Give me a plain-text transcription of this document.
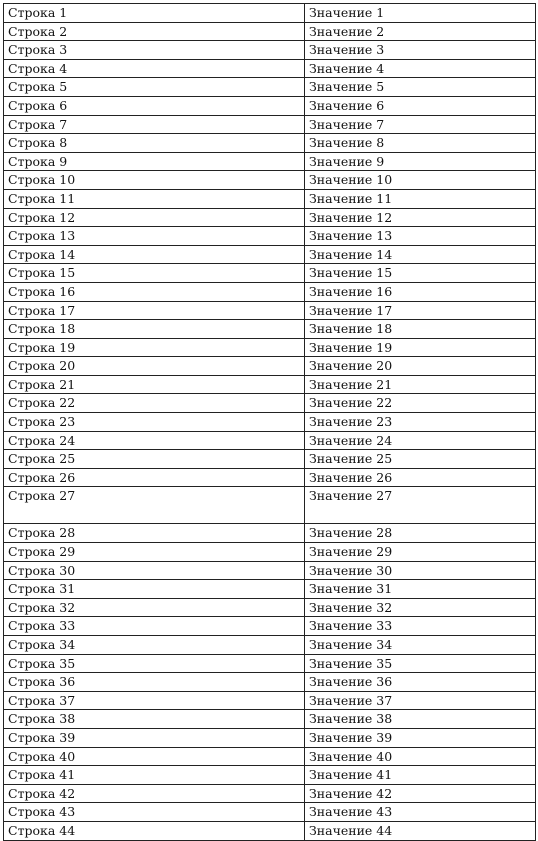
Строка 1	Значение 1
Строка 2	Значение 2
Строка 3	Значение 3
Строка 4	Значение 4
Строка 5	Значение 5
Строка 6	Значение 6
Строка 7	Значение 7
Строка 8	Значение 8
Строка 9	Значение 9
Строка 10	Значение 10
Строка 11	Значение 11
Строка 12	Значение 12
Строка 13	Значение 13
Строка 14	Значение 14
Строка 15	Значение 15
Строка 16	Значение 16
Строка 17	Значение 17
Строка 18	Значение 18
Строка 19	Значение 19
Строка 20	Значение 20
Строка 21	Значение 21
Строка 22	Значение 22
Строка 23	Значение 23
Строка 24	Значение 24
Строка 25	Значение 25
Строка 26	Значение 26
Строка 27	Значение 27
Строка 28	Значение 28
Строка 29	Значение 29
Строка 30	Значение 30
Строка 31	Значение 31
Строка 32	Значение 32
Строка 33	Значение 33
Строка 34	Значение 34
Строка 35	Значение 35
Строка 36	Значение 36
Строка 37	Значение 37
Строка 38	Значение 38
Строка 39	Значение 39
Строка 40	Значение 40
Строка 41	Значение 41
Строка 42	Значение 42
Строка 43	Значение 43
Строка 44	Значение 44
